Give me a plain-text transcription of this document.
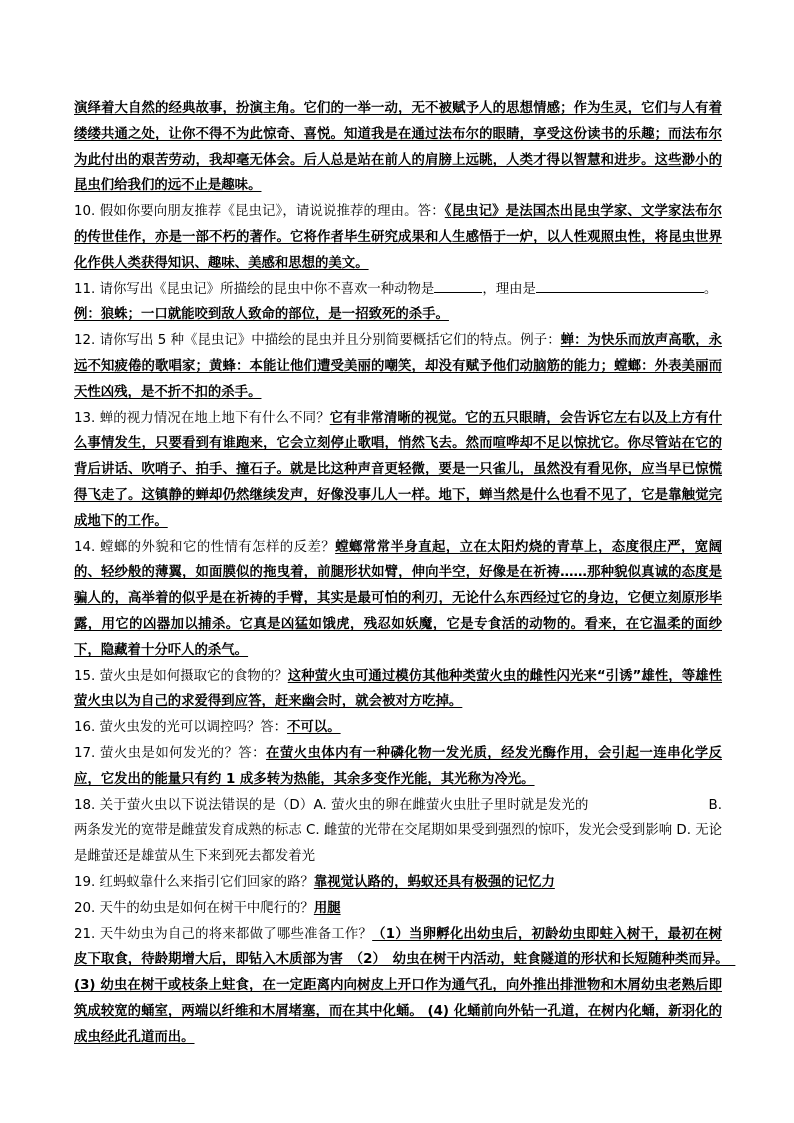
演绎着大自然的经典故事，扮演主角。它们的一举一动，无不被赋予人的思想情感；作为生灵，它们与人有着缕缕共通之处，让你不得不为此惊奇、喜悦。知道我是在通过法布尔的眼睛，享受这份读书的乐趣；而法布尔为此付出的艰苦劳动，我却毫无体会。后人总是站在前人的肩膀上远眺，人类才得以智慧和进步。这些渺小的昆虫们给我们的远不止是趣味。

10. 假如你要向朋友推荐《昆虫记》，请说说推荐的理由。答：《昆虫记》是法国杰出昆虫学家、文学家法布尔的传世佳作，亦是一部不朽的著作。它将作者毕生研究成果和人生感悟于一炉，以人性观照虫性，将昆虫世界化作供人类获得知识、趣味、美感和思想的美文。

11. 请你写出《昆虫记》所描绘的昆虫中你不喜欢一种动物是	，理由是	。
例：狼蛛；一口就能咬到敌人致命的部位，是一招致死的杀手。

12. 请你写出 5 种《昆虫记》中描绘的昆虫并且分别简要概括它们的特点。例子：蝉：为快乐而放声高歌，永远不知疲倦的歌唱家；黄蜂：本能让他们遭受美丽的嘲笑，却没有赋予他们动脑筋的能力；螳螂：外表美丽而天性凶残，是不折不扣的杀手。

13. 蝉的视力情况在地上地下有什么不同？它有非常清晰的视觉。它的五只眼睛，会告诉它左右以及上方有什么事情发生，只要看到有谁跑来，它会立刻停止歌唱，悄然飞去。然而喧哗却不足以惊扰它。你尽管站在它的背后讲话、吹哨子、拍手、撞石子。就是比这种声音更轻微，要是一只雀儿，虽然没有看见你，应当早已惊慌得飞走了。这镇静的蝉却仍然继续发声，好像没事儿人一样。地下，蝉当然是什么也看不见了，它是靠触觉完成地下的工作。

14. 螳螂的外貌和它的性情有怎样的反差？螳螂常常半身直起，立在太阳灼烧的青草上，态度很庄严，宽阔的、轻纱般的薄翼，如面膜似的拖曳着，前腿形状如臂，伸向半空，好像是在祈祷……那种貌似真诚的态度是骗人的，高举着的似乎是在祈祷的手臂，其实是最可怕的利刃，无论什么东西经过它的身边，它便立刻原形毕露，用它的凶器加以捕杀。它真是凶猛如饿虎，残忍如妖魔，它是专食活的动物的。看来，在它温柔的面纱下，隐藏着十分吓人的杀气。

15. 萤火虫是如何摄取它的食物的？这种萤火虫可通过模仿其他种类萤火虫的雌性闪光来“引诱”雄性，等雄性萤火虫以为自己的求爱得到应答，赶来幽会时，就会被对方吃掉。

16. 萤火虫发的光可以调控吗？答：不可以。

17. 萤火虫是如何发光的？答：在萤火虫体内有一种磷化物一发光质，经发光酶作用，会引起一连串化学反应，它发出的能量只有约 1 成多转为热能，其余多变作光能，其光称为冷光。

18. 关于萤火虫以下说法错误的是（D）A. 萤火虫的卵在雌萤火虫肚子里时就是发光的	B. 两条发光的宽带是雌萤发育成熟的标志 C. 雌萤的光带在交尾期如果受到强烈的惊吓，发光会受到影响 D. 无论是雌萤还是雄萤从生下来到死去都发着光

19. 红蚂蚁靠什么来指引它们回家的路？靠视觉认路的，蚂蚁还具有极强的记忆力

20. 天牛的幼虫是如何在树干中爬行的？用腿

21. 天牛幼虫为自己的将来都做了哪些准备工作？（1）当卵孵化出幼虫后，初龄幼虫即蛀入树干，最初在树皮下取食，待龄期增大后，即钻入木质部为害　（2）　幼虫在树干内活动，蛀食隧道的形状和长短随种类而异。　(3) 幼虫在树干或枝条上蛀食，在一定距离内向树皮上开口作为通气孔，向外推出排泄物和木屑幼虫老熟后即筑成较宽的蛹室，两端以纤维和木屑堵塞，而在其中化蛹。 (4) 化蛹前向外钻一孔道，在树内化蛹，新羽化的成虫经此孔道而出。
